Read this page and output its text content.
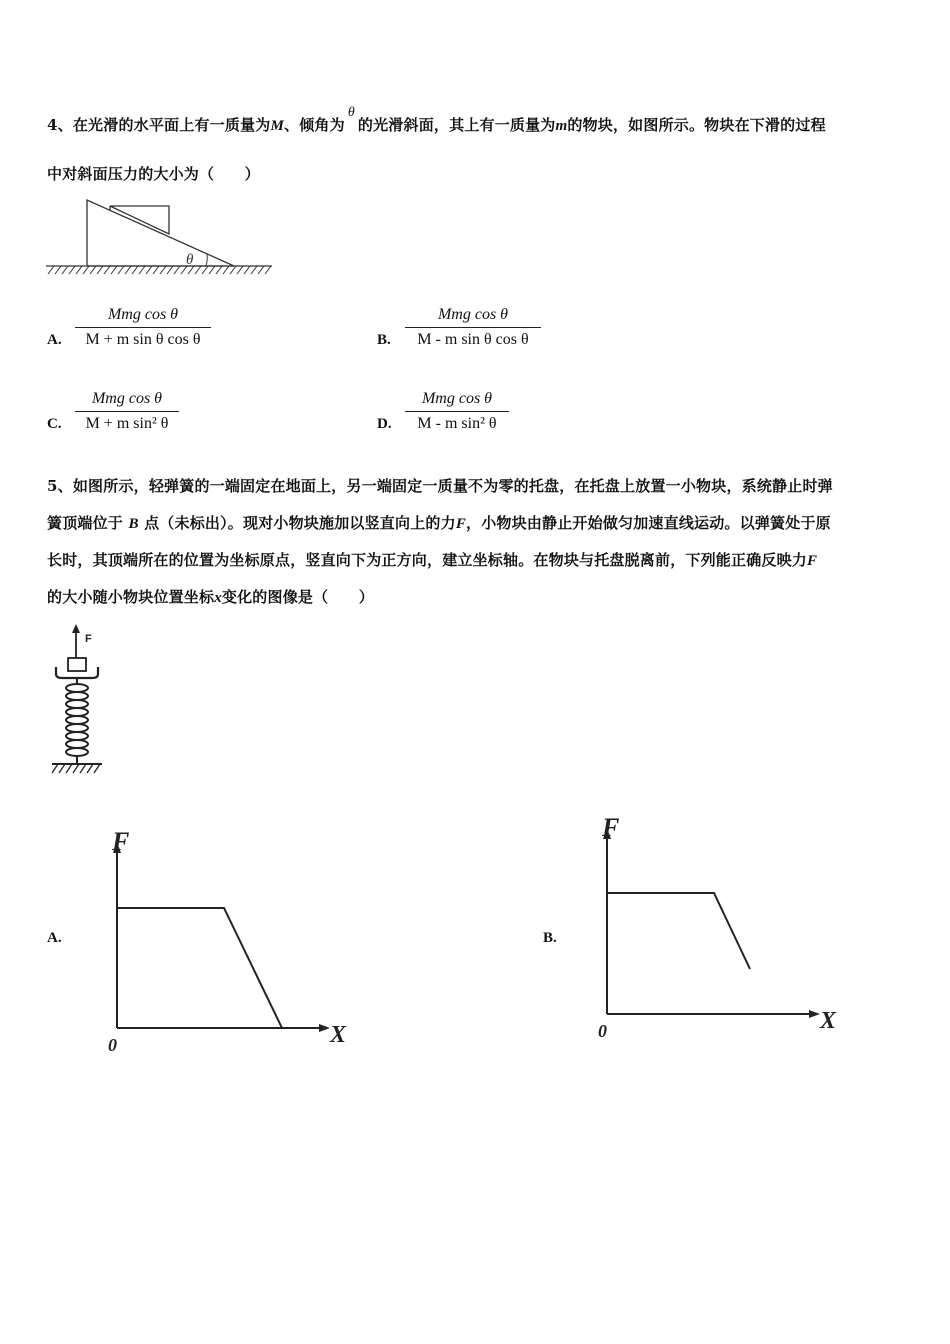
4、在光滑的水平面上有一质量为M、倾角为θ的光滑斜面，其上有一质量为m的物块，如图所示。物块在下滑的过程
中对斜面压力的大小为（　　）
θ
A.
Mmg cos θ
M + m sin θ cos θ	B.
Mmg cos θ
M - m sin θ cos θ
C.
Mmg cos θ
M + m sin² θ	D.
Mmg cos θ
M - m sin² θ
5、如图所示，轻弹簧的一端固定在地面上，另一端固定一质量不为零的托盘，在托盘上放置一小物块，系统静止时弹
簧顶端位于 B 点（未标出）。现对小物块施加以竖直向上的力F，小物块由静止开始做匀加速直线运动。以弹簧处于原
长时，其顶端所在的位置为坐标原点，竖直向下为正方向，建立坐标轴。在物块与托盘脱离前，下列能正确反映力F
的大小随小物块位置坐标x变化的图像是（　　）
F
A.
F
X
0
B.
F
X
0
